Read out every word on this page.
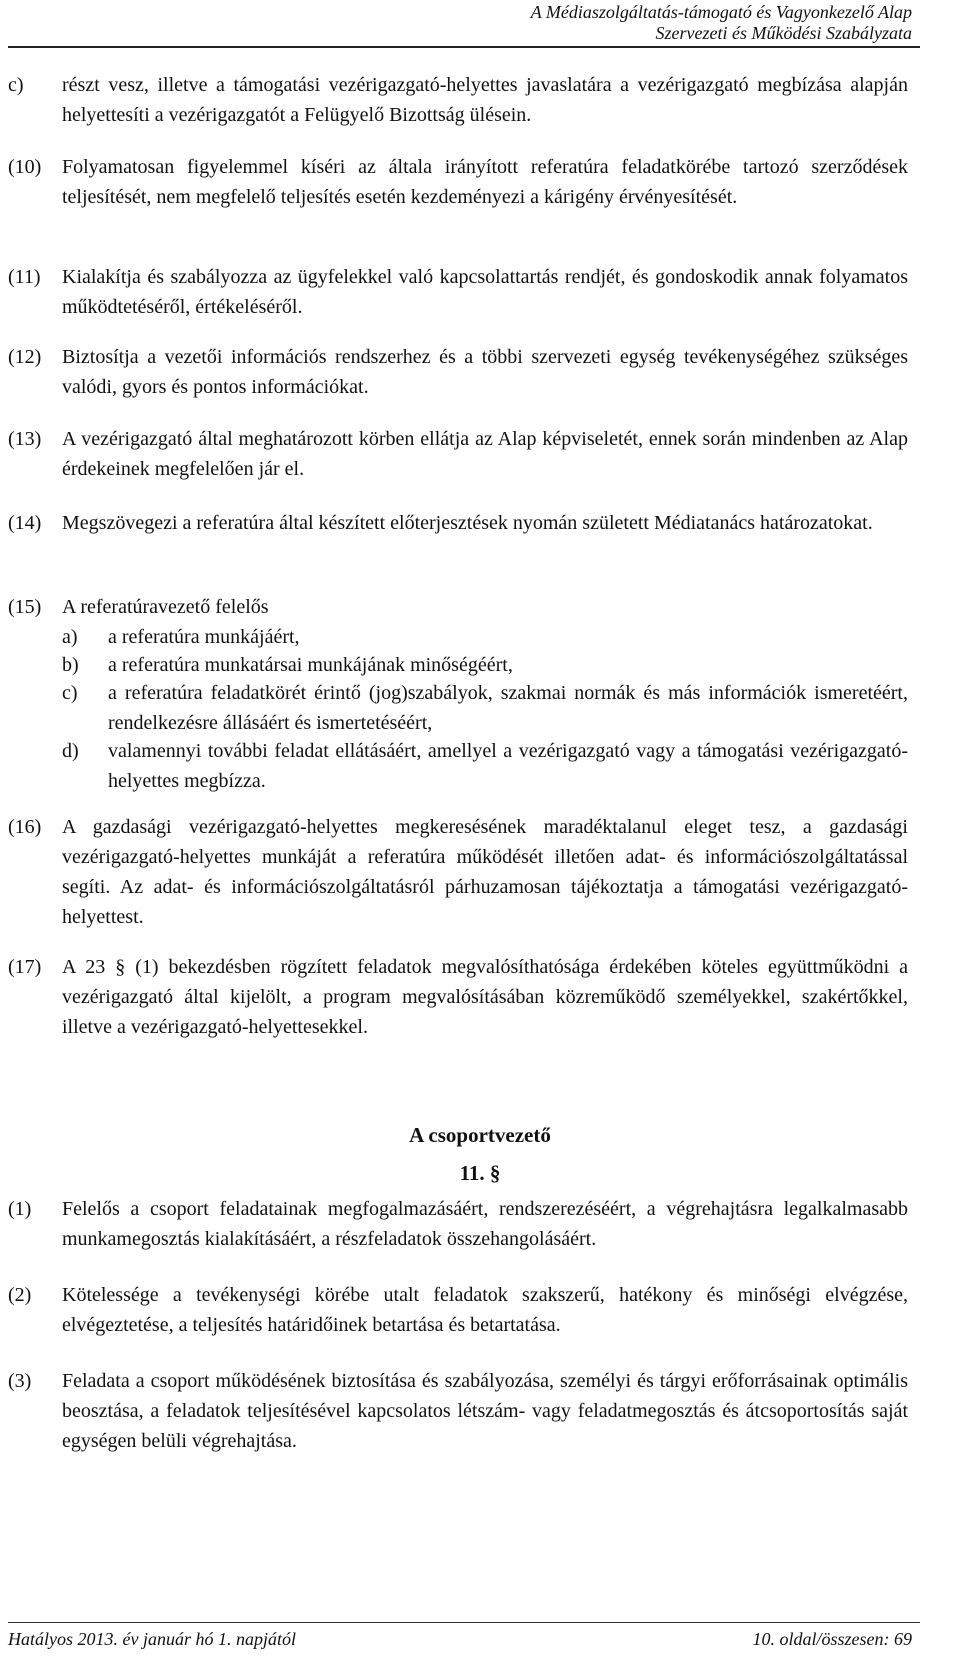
A Médiaszolgáltatás-támogató és Vagyonkezelő Alap
Szervezeti és Működési Szabályzata
c) részt vesz, illetve a támogatási vezérigazgató-helyettes javaslatára a vezérigazgató megbízása alapján helyettesíti a vezérigazgatót a Felügyelő Bizottság ülésein.
(10) Folyamatosan figyelemmel kíséri az általa irányított referatúra feladatkörébe tartozó szerződések teljesítését, nem megfelelő teljesítés esetén kezdeményezi a kárigény érvényesítését.
(11) Kialakítja és szabályozza az ügyfelekkel való kapcsolattartás rendjét, és gondoskodik annak folyamatos működtetéséről, értékeléséről.
(12) Biztosítja a vezetői információs rendszerhez és a többi szervezeti egység tevékenységéhez szükséges valódi, gyors és pontos információkat.
(13) A vezérigazgató által meghatározott körben ellátja az Alap képviseletét, ennek során mindenben az Alap érdekeinek megfelelően jár el.
(14) Megszövegezi a referatúra által készített előterjesztések nyomán született Médiatanács határozatokat.
(15) A referatúravezető felelős
a) a referatúra munkájáért,
b) a referatúra munkatársai munkájának minőségéért,
c) a referatúra feladatkörét érintő (jog)szabályok, szakmai normák és más információk ismeretéért, rendelkezésre állásáért és ismertetéséért,
d) valamennyi további feladat ellátásáért, amellyel a vezérigazgató vagy a támogatási vezérigazgató-helyettes megbízza.
(16) A gazdasági vezérigazgató-helyettes megkeresésének maradéktalanul eleget tesz, a gazdasági vezérigazgató-helyettes munkáját a referatúra működését illetően adat- és információszolgáltatással segíti. Az adat- és információszolgáltatásról párhuzamosan tájékoztatja a támogatási vezérigazgató-helyettest.
(17) A 23 § (1) bekezdésben rögzített feladatok megvalósíthatósága érdekében köteles együttműködni a vezérigazgató által kijelölt, a program megvalósításában közreműködő személyekkel, szakértőkkel, illetve a vezérigazgató-helyettesekkel.
A csoportvezető
11. §
(1) Felelős a csoport feladatainak megfogalmazásáért, rendszerezéséért, a végrehajtásra legalkalmasabb munkamegosztás kialakításáért, a részfeladatok összehangolásáért.
(2) Kötelessége a tevékenységi körébe utalt feladatok szakszerű, hatékony és minőségi elvégzése, elvégeztetése, a teljesítés határidőinek betartása és betartatása.
(3) Feladata a csoport működésének biztosítása és szabályozása, személyi és tárgyi erőforrásainak optimális beosztása, a feladatok teljesítésével kapcsolatos létszám- vagy feladatmegosztás és átcsoportosítás saját egységen belüli végrehajtása.
Hatályos 2013. év január hó 1. napjától	10. oldal/összesen: 69
